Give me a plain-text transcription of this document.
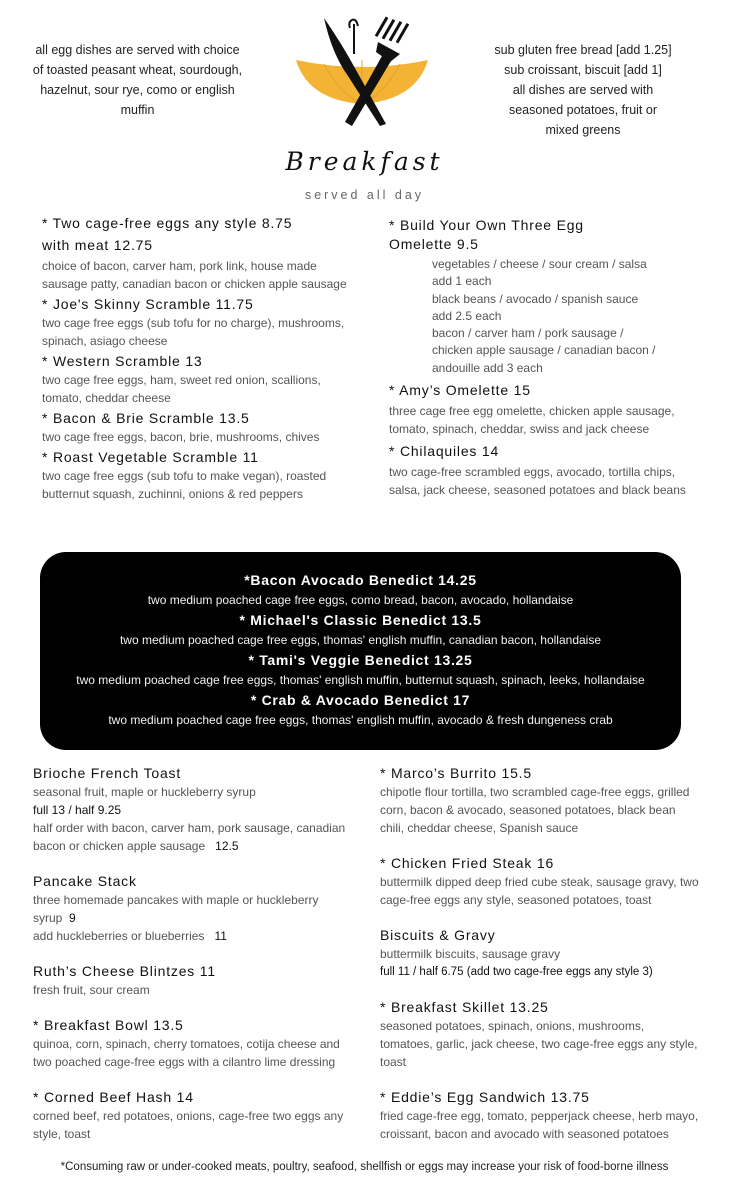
all egg dishes are served with choice of toasted peasant wheat, sourdough, hazelnut, sour rye, como or english muffin
sub gluten free bread [add 1.25]
sub croissant, biscuit [add 1]
all dishes are served with
seasoned potatoes, fruit or
mixed greens
Breakfast
served all day
* Two cage-free eggs any style 8.75
with meat 12.75
choice of bacon, carver ham, pork link, house made sausage patty, canadian bacon or chicken apple sausage
* Joe's Skinny Scramble 11.75
two cage free eggs (sub tofu for no charge), mushrooms, spinach, asiago cheese
* Western Scramble 13
two cage free eggs, ham, sweet red onion, scallions, tomato, cheddar cheese
* Bacon & Brie Scramble 13.5
two cage free eggs, bacon, brie, mushrooms, chives
* Roast Vegetable Scramble 11
two cage free eggs (sub tofu to make vegan), roasted butternut squash, zuchinni, onions & red peppers
* Build Your Own Three Egg
Omelette 9.5
vegetables / cheese / sour cream / salsa
add 1 each
black beans / avocado / spanish sauce
add 2.5 each
bacon / carver ham / pork sausage /
chicken apple sausage / canadian bacon /
andouille add 3 each
* Amy’s Omelette 15
three cage free egg omelette, chicken apple sausage, tomato, spinach, cheddar, swiss and jack cheese
* Chilaquiles 14
two cage-free scrambled eggs, avocado, tortilla chips, salsa, jack cheese, seasoned potatoes and black beans
*Bacon Avocado Benedict 14.25
two medium poached cage free eggs, como bread, bacon, avocado, hollandaise
* Michael's Classic Benedict 13.5
two medium poached cage free eggs, thomas' english muffin, canadian bacon, hollandaise
* Tami's Veggie Benedict 13.25
two medium poached cage free eggs, thomas' english muffin, butternut squash, spinach, leeks, hollandaise
* Crab & Avocado Benedict 17
two medium poached cage free eggs, thomas' english muffin, avocado & fresh dungeness crab
Brioche French Toast
seasonal fruit, maple or huckleberry syrup
full 13 / half 9.25
half order with bacon, carver ham, pork sausage, canadian bacon or chicken apple sausage 12.5
Pancake Stack
three homemade pancakes with maple or huckleberry syrup 9
add huckleberries or blueberries 11
Ruth’s Cheese Blintzes 11
fresh fruit, sour cream
* Breakfast Bowl 13.5
quinoa, corn, spinach, cherry tomatoes, cotija cheese and two poached cage-free eggs with a cilantro lime dressing
* Corned Beef Hash 14
corned beef, red potatoes, onions, cage-free two eggs any style, toast
* Marco’s Burrito 15.5
chipotle flour tortilla, two scrambled cage-free eggs, grilled corn, bacon & avocado, seasoned potatoes, black bean chili, cheddar cheese, Spanish sauce
* Chicken Fried Steak 16
buttermilk dipped deep fried cube steak, sausage gravy, two cage-free eggs any style, seasoned potatoes, toast
Biscuits & Gravy
buttermilk biscuits, sausage gravy
full 11 / half 6.75 (add two cage-free eggs any style 3)
* Breakfast Skillet 13.25
seasoned potatoes, spinach, onions, mushrooms, tomatoes, garlic, jack cheese, two cage-free eggs any style, toast
* Eddie’s Egg Sandwich 13.75
fried cage-free egg, tomato, pepperjack cheese, herb mayo, croissant, bacon and avocado with seasoned potatoes
*Consuming raw or under-cooked meats, poultry, seafood, shellfish or eggs may increase your risk of food-borne illness
